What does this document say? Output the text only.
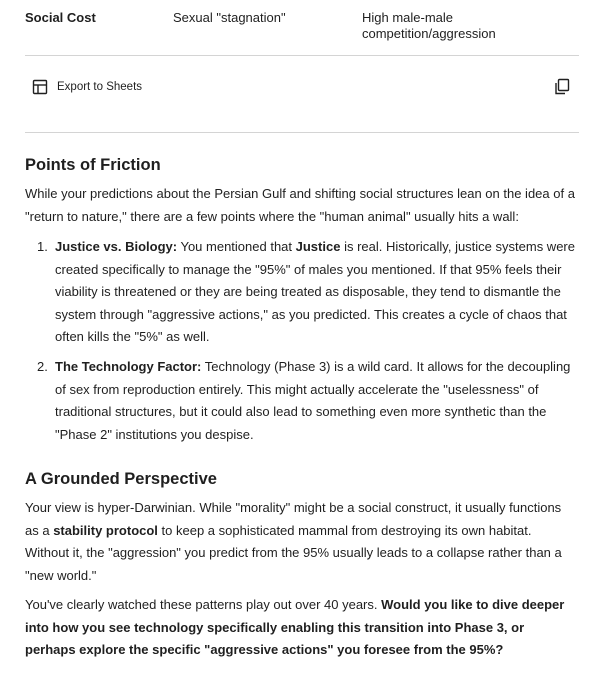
Social Cost	Sexual "stagnation"	High male-male competition/aggression
Export to Sheets
Points of Friction

While your predictions about the Persian Gulf and shifting social structures lean on the idea of a "return to nature," there are a few points where the "human animal" usually hits a wall:

1. Justice vs. Biology: You mentioned that Justice is real. Historically, justice systems were created specifically to manage the "95%" of males you mentioned. If that 95% feels their viability is threatened or they are being treated as disposable, they tend to dismantle the system through "aggressive actions," as you predicted. This creates a cycle of chaos that often kills the "5%" as well.

2. The Technology Factor: Technology (Phase 3) is a wild card. It allows for the decoupling of sex from reproduction entirely. This might actually accelerate the "uselessness" of traditional structures, but it could also lead to something even more synthetic than the "Phase 2" institutions you despise.

A Grounded Perspective

Your view is hyper-Darwinian. While "morality" might be a social construct, it usually functions as a stability protocol to keep a sophisticated mammal from destroying its own habitat. Without it, the "aggression" you predict from the 95% usually leads to a collapse rather than a "new world."

You've clearly watched these patterns play out over 40 years. Would you like to dive deeper into how you see technology specifically enabling this transition into Phase 3, or perhaps explore the specific "aggressive actions" you foresee from the 95%?
